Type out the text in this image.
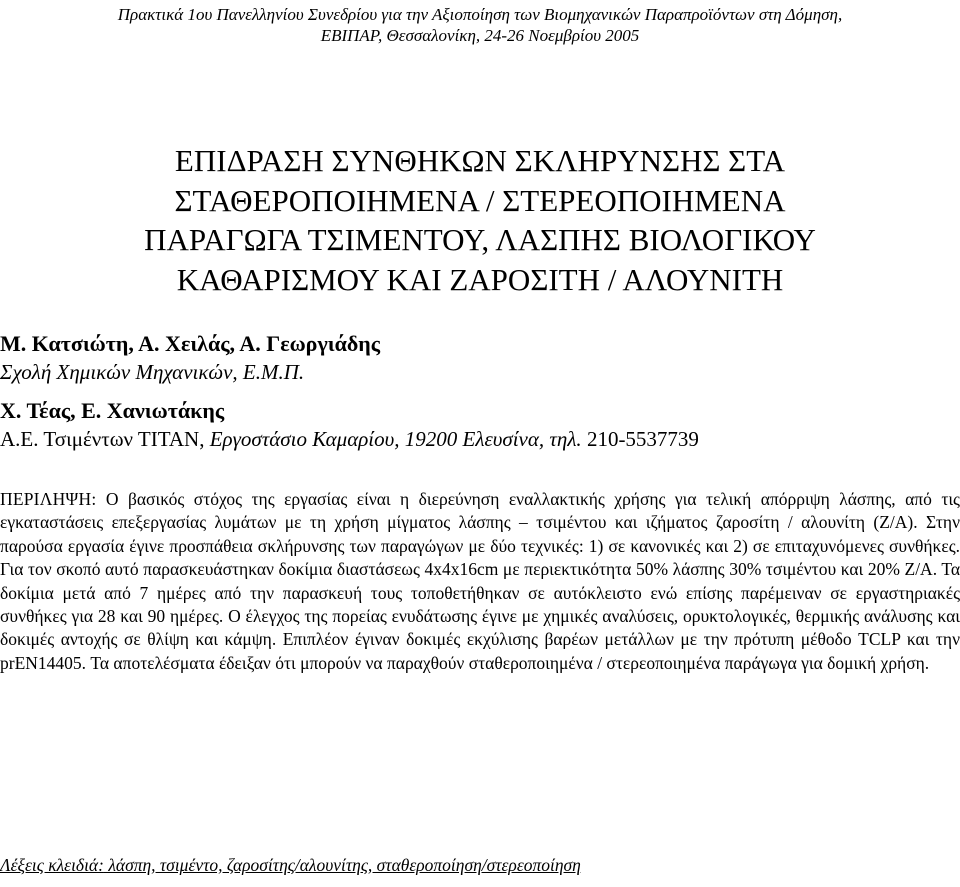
Πρακτικά 1ου Πανελληνίου Συνεδρίου για την Αξιοποίηση των Βιομηχανικών Παραπροϊόντων στη Δόμηση,
ΕΒΙΠΑΡ, Θεσσαλονίκη, 24-26 Νοεμβρίου 2005
ΕΠΙΔΡΑΣΗ ΣΥΝΘΗΚΩΝ ΣΚΛΗΡΥΝΣΗΣ ΣΤΑ
ΣΤΑΘΕΡΟΠΟΙΗΜΕΝΑ / ΣΤΕΡΕΟΠΟΙΗΜΕΝΑ
ΠΑΡΑΓΩΓΑ ΤΣΙΜΕΝΤΟΥ, ΛΑΣΠΗΣ ΒΙΟΛΟΓΙΚΟΥ
ΚΑΘΑΡΙΣΜΟΥ ΚΑΙ ΖΑΡΟΣΙΤΗ / ΑΛΟΥΝΙΤΗ
Μ. Κατσιώτη, Α. Χειλάς, Α. Γεωργιάδης
Σχολή Χημικών Μηχανικών, Ε.Μ.Π.
Χ. Τέας, Ε. Χανιωτάκης
Α.Ε. Τσιμέντων ΤΙΤΑΝ, Εργοστάσιο Καμαρίου, 19200 Ελευσίνα, τηλ. 210-5537739

ΠΕΡΙΛΗΨΗ: Ο βασικός στόχος της εργασίας είναι η διερεύνηση εναλλακτικής χρήσης για τελική απόρριψη λάσπης, από τις εγκαταστάσεις επεξεργασίας λυμάτων με τη χρήση μίγματος λάσπης – τσιμέντου και ιζήματος ζαροσίτη / αλουνίτη (Ζ/Α). Στην παρούσα εργασία έγινε προσπάθεια σκλήρυνσης των παραγώγων με δύο τεχνικές: 1) σε κανονικές και 2) σε επιταχυνόμενες συνθήκες. Για τον σκοπό αυτό παρασκευάστηκαν δοκίμια διαστάσεως 4x4x16cm με περιεκτικότητα 50% λάσπης 30% τσιμέντου και 20% Ζ/Α. Τα δοκίμια μετά από 7 ημέρες από την παρασκευή τους τοποθετήθηκαν σε αυτόκλειστο ενώ επίσης παρέμειναν σε εργαστηριακές συνθήκες για 28 και 90 ημέρες. Ο έλεγχος της πορείας ενυδάτωσης έγινε με χημικές αναλύσεις, ορυκτολογικές, θερμικής ανάλυσης και δοκιμές αντοχής σε θλίψη και κάμψη. Επιπλέον έγιναν δοκιμές εκχύλισης βαρέων μετάλλων με την πρότυπη μέθοδο TCLP και την prEN14405. Τα αποτελέσματα έδειξαν ότι μπορούν να παραχθούν σταθεροποιημένα / στερεοποιημένα παράγωγα για δομική χρήση.

Λέξεις κλειδιά: λάσπη, τσιμέντο, ζαροσίτης/αλουνίτης, σταθεροποίηση/στερεοποίηση
